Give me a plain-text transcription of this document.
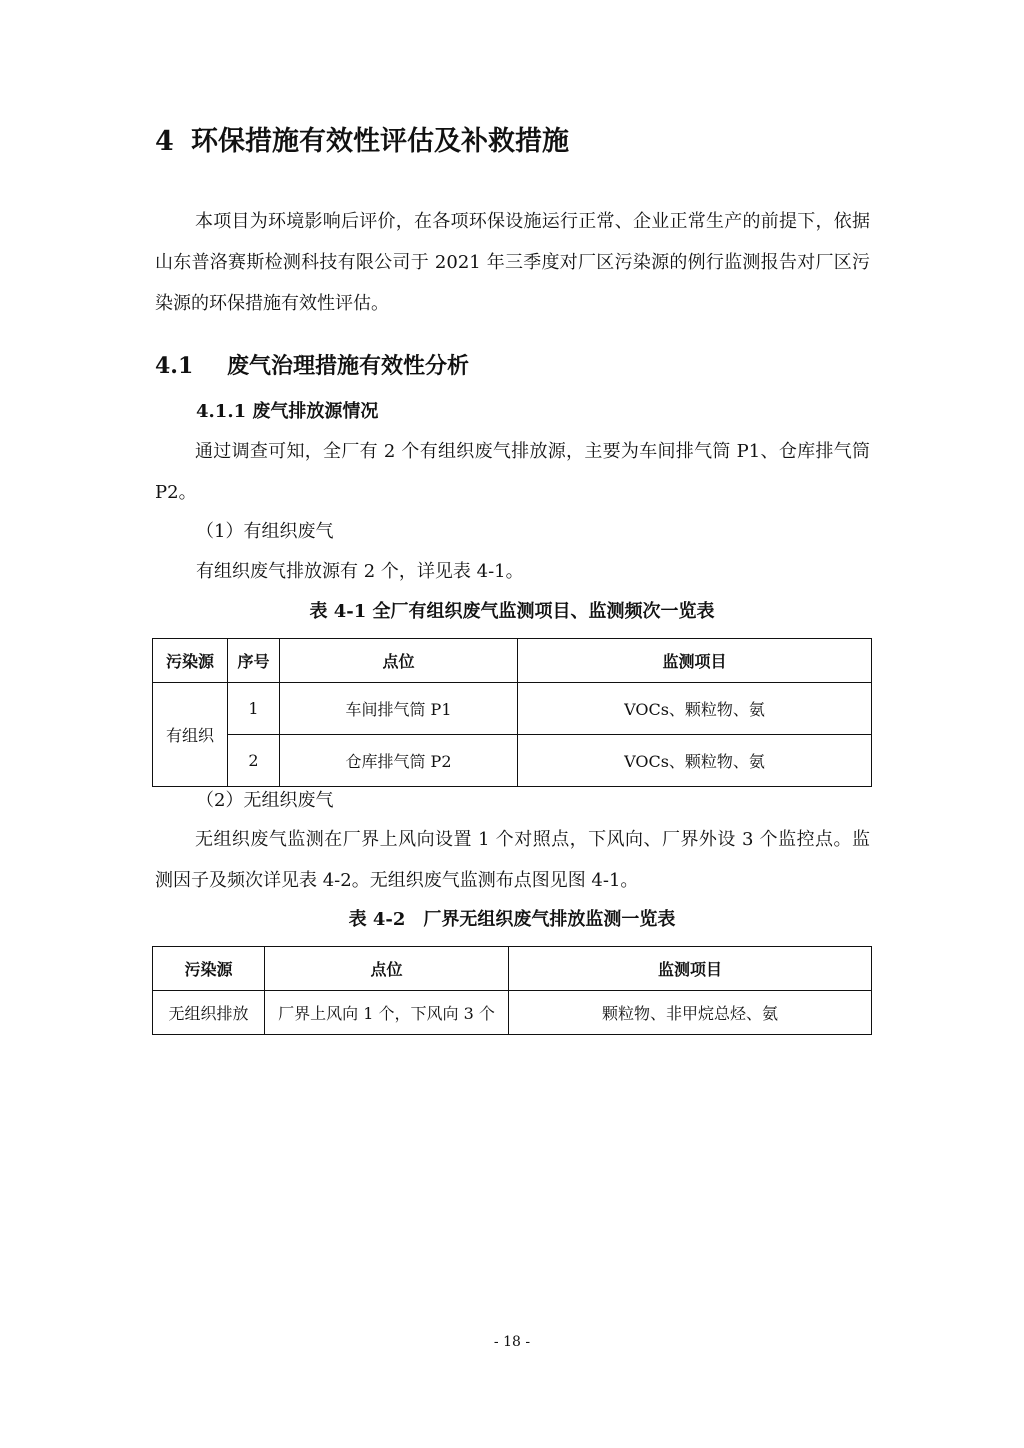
4 环保措施有效性评估及补救措施
本项目为环境影响后评价，在各项环保设施运行正常、企业正常生产的前提下，依据山东普洛赛斯检测科技有限公司于 2021 年三季度对厂区污染源的例行监测报告对厂区污染源的环保措施有效性评估。
4.1 废气治理措施有效性分析
4.1.1 废气排放源情况
通过调查可知，全厂有 2 个有组织废气排放源，主要为车间排气筒 P1、仓库排气筒 P2。
（1）有组织废气
有组织废气排放源有 2 个，详见表 4-1。
表 4-1 全厂有组织废气监测项目、监测频次一览表
污染源	序号	点位	监测项目
有组织	1	车间排气筒 P1	VOCs、颗粒物、氨
	2	仓库排气筒 P2	VOCs、颗粒物、氨
（2）无组织废气
无组织废气监测在厂界上风向设置 1 个对照点，下风向、厂界外设 3 个监控点。监测因子及频次详见表 4-2。无组织废气监测布点图见图 4-1。
表 4-2　厂界无组织废气排放监测一览表
污染源	点位	监测项目
无组织排放	厂界上风向 1 个，下风向 3 个	颗粒物、非甲烷总烃、氨
- 18 -
